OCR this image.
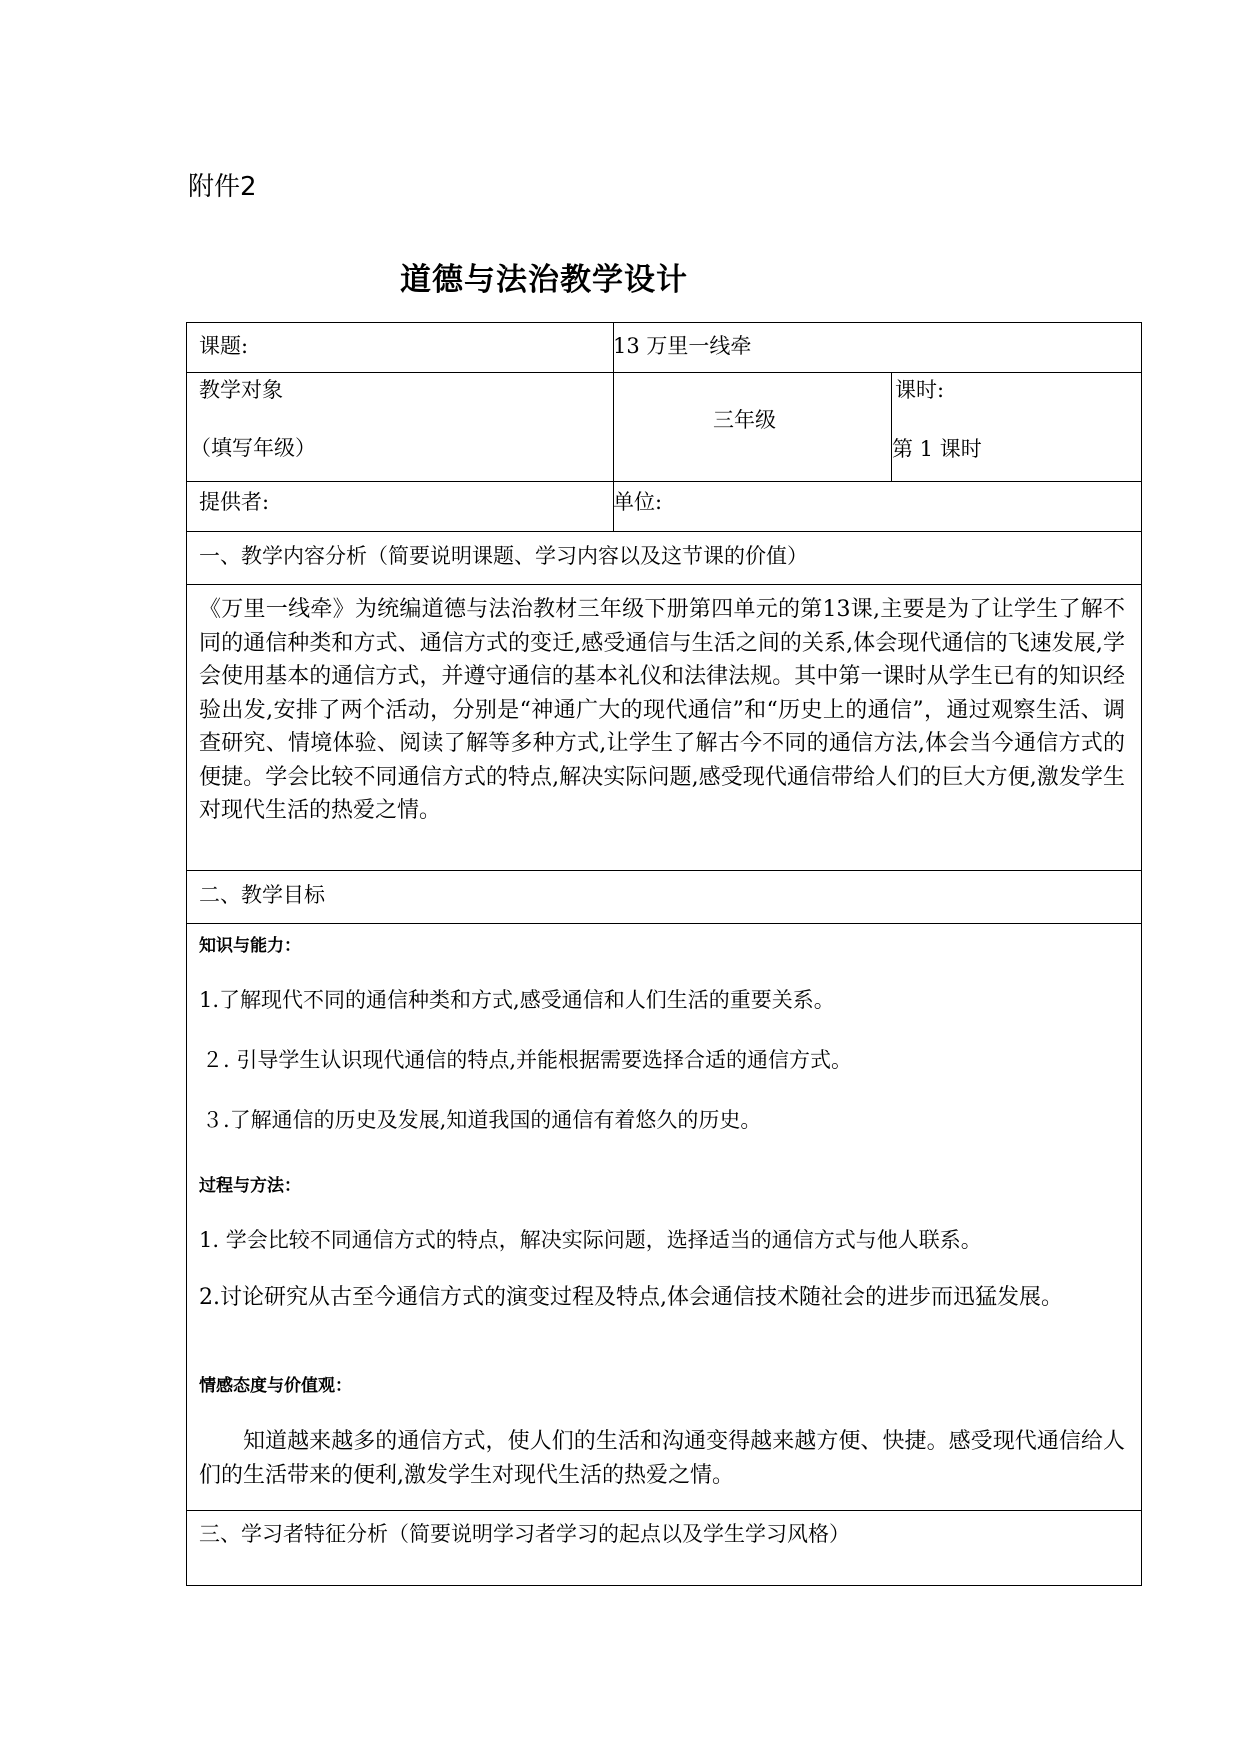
附件2
道德与法治教学设计
课题:	13 万里一线牵
教学对象
（填写年级）
三年级
课时:
第 1 课时
提供者:	单位:
一、教学内容分析（简要说明课题、学习内容以及这节课的价值）
《万里一线牵》为统编道德与法治教材三年级下册第四单元的第13课,主要是为了让学生了解不同的通信种类和方式、通信方式的变迁,感受通信与生活之间的关系,体会现代通信的飞速发展,学会使用基本的通信方式，并遵守通信的基本礼仪和法律法规。其中第一课时从学生已有的知识经验出发,安排了两个活动，分别是“神通广大的现代通信”和“历史上的通信”，通过观察生活、调查研究、情境体验、阅读了解等多种方式,让学生了解古今不同的通信方法,体会当今通信方式的便捷。学会比较不同通信方式的特点,解决实际问题,感受现代通信带给人们的巨大方便,激发学生对现代生活的热爱之情。
二、教学目标
知识与能力：
1.了解现代不同的通信种类和方式,感受通信和人们生活的重要关系。
２. 引导学生认识现代通信的特点,并能根据需要选择合适的通信方式。
３.了解通信的历史及发展,知道我国的通信有着悠久的历史。
过程与方法：
1. 学会比较不同通信方式的特点，解决实际问题，选择适当的通信方式与他人联系。
2.讨论研究从古至今通信方式的演变过程及特点,体会通信技术随社会的进步而迅猛发展。
情感态度与价值观：
知道越来越多的通信方式，使人们的生活和沟通变得越来越方便、快捷。感受现代通信给人们的生活带来的便利,激发学生对现代生活的热爱之情。
三、学习者特征分析（简要说明学习者学习的起点以及学生学习风格）
